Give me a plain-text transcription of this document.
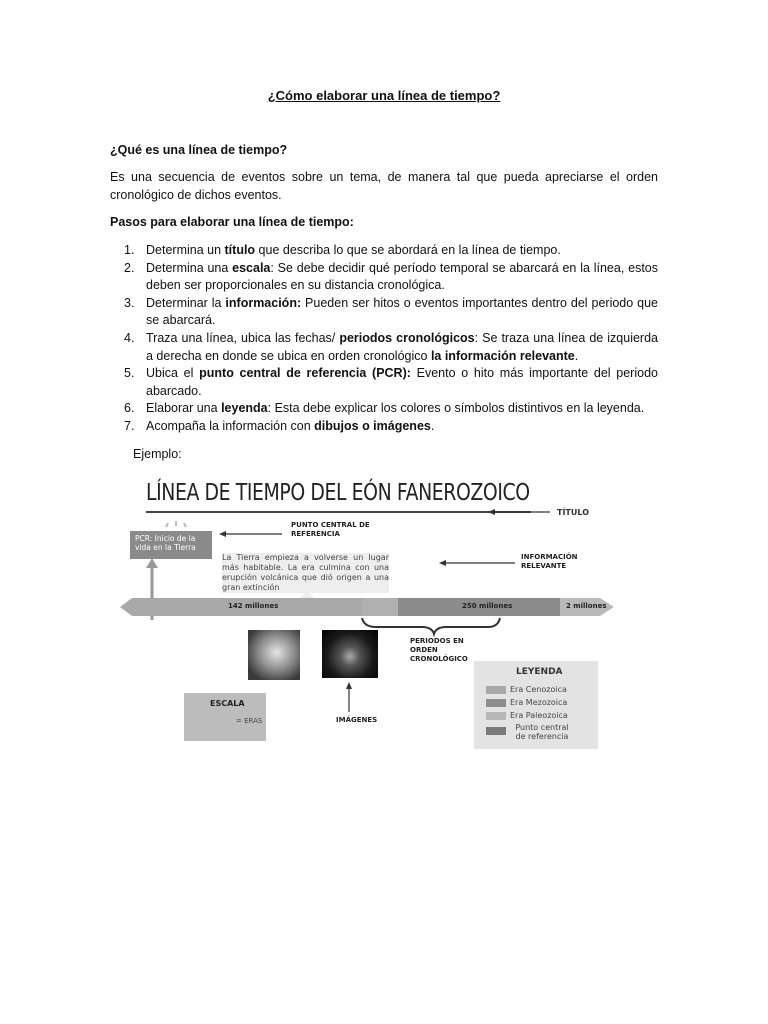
¿Cómo elaborar una línea de tiempo?
¿Qué es una línea de tiempo?
Es una secuencia de eventos sobre un tema, de manera tal que pueda apreciarse el orden cronológico de dichos eventos.
Pasos para elaborar una línea de tiempo:
1. Determina un título que describa lo que se abordará en la línea de tiempo.
2. Determina una escala: Se debe decidir qué período temporal se abarcará en la línea, estos deben ser proporcionales en su distancia cronológica.
3. Determinar la información: Pueden ser hitos o eventos importantes dentro del periodo que se abarcará.
4. Traza una línea, ubica las fechas/ periodos cronológicos: Se traza una línea de izquierda a derecha en donde se ubica en orden cronológico la información relevante.
5. Ubica el punto central de referencia (PCR): Evento o hito más importante del periodo abarcado.
6. Elaborar una leyenda: Esta debe explicar los colores o símbolos distintivos en la leyenda.
7. Acompaña la información con dibujos o imágenes.
Ejemplo:
LÍNEA DE TIEMPO DEL EÓN FANEROZOICO
TÍTULO
PUNTO CENTRAL DE REFERENCIA
PCR: Inicio de la vida en la Tierra
La Tierra empieza a volverse un lugar más habitable. La era culmina con una erupción volcánica que dió origen a una gran extinción
INFORMACIÓN RELEVANTE
142 millones	250 millones	2 millones
PERIODOS EN ORDEN CRONOLÓGICO
IMÁGENES
ESCALA
= ERAS
LEYENDA
Era Cenozoica
Era Mezozoica
Era Paleozoica
Punto central de referencia
